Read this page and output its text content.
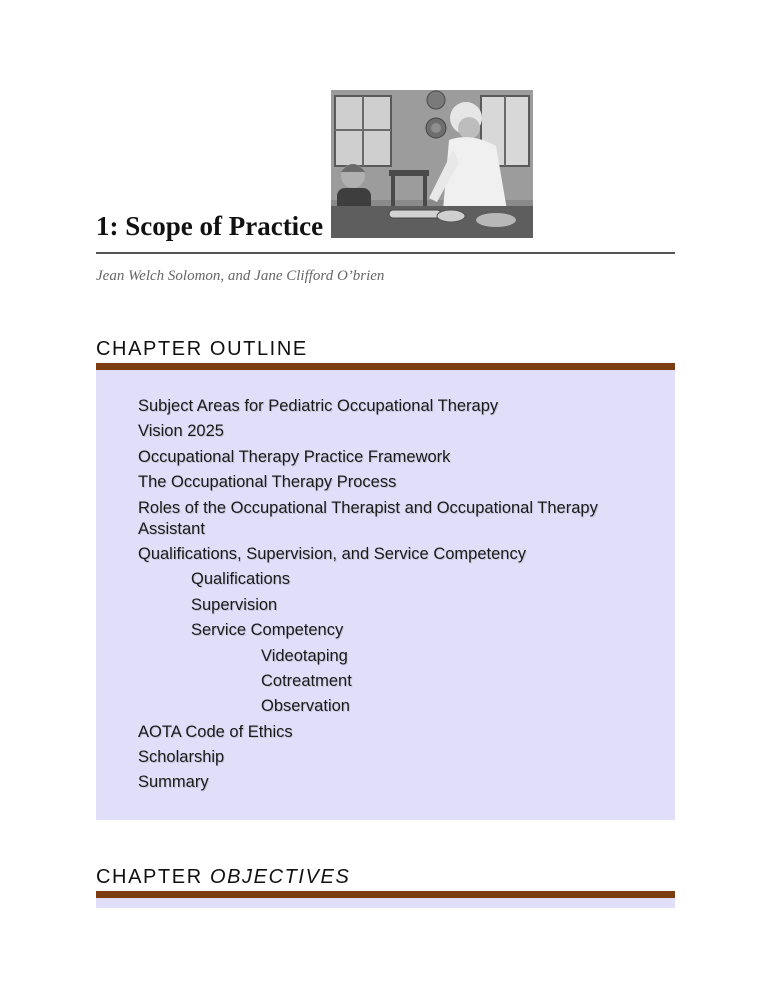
1: Scope of Practice
Jean Welch Solomon, and Jane Clifford O’brien
CHAPTER OUTLINE
Subject Areas for Pediatric Occupational Therapy
Vision 2025
Occupational Therapy Practice Framework
The Occupational Therapy Process
Roles of the Occupational Therapist and Occupational Therapy Assistant
Qualifications, Supervision, and Service Competency
Qualifications
Supervision
Service Competency
Videotaping
Cotreatment
Observation
AOTA Code of Ethics
Scholarship
Summary
CHAPTER OBJECTIVES
